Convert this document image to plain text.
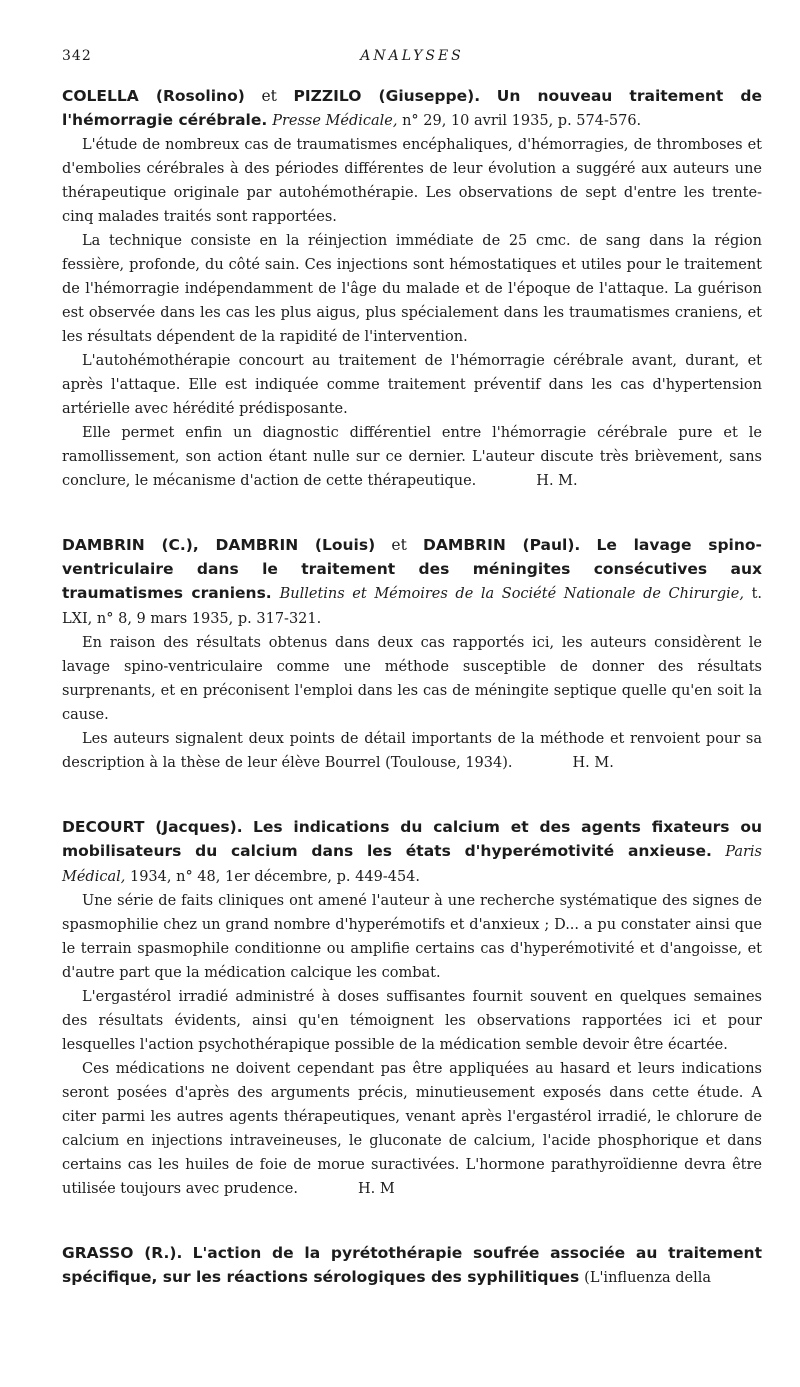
342	ANALYSES

COLELLA (Rosolino) et PIZZILO (Giuseppe). Un nouveau traitement de l'hémorragie cérébrale. Presse Médicale, n° 29, 10 avril 1935, p. 574-576.

L'étude de nombreux cas de traumatismes encéphaliques, d'hémorragies, de thromboses et d'embolies cérébrales à des périodes différentes de leur évolution a suggéré aux auteurs une thérapeutique originale par autohémothérapie. Les observations de sept d'entre les trente-cinq malades traités sont rapportées.

La technique consiste en la réinjection immédiate de 25 cmc. de sang dans la région fessière, profonde, du côté sain. Ces injections sont hémostatiques et utiles pour le traitement de l'hémorragie indépendamment de l'âge du malade et de l'époque de l'attaque. La guérison est observée dans les cas les plus aigus, plus spécialement dans les traumatismes craniens, et les résultats dépendent de la rapidité de l'intervention.

L'autohémothérapie concourt au traitement de l'hémorragie cérébrale avant, durant, et après l'attaque. Elle est indiquée comme traitement préventif dans les cas d'hypertension artérielle avec hérédité prédisposante.

Elle permet enfin un diagnostic différentiel entre l'hémorragie cérébrale pure et le ramollissement, son action étant nulle sur ce dernier. L'auteur discute très brièvement, sans conclure, le mécanisme d'action de cette thérapeutique.	H. M.

DAMBRIN (C.), DAMBRIN (Louis) et DAMBRIN (Paul). Le lavage spino-ventriculaire dans le traitement des méningites consécutives aux traumatismes craniens. Bulletins et Mémoires de la Société Nationale de Chirurgie, t. LXI, n° 8, 9 mars 1935, p. 317-321.

En raison des résultats obtenus dans deux cas rapportés ici, les auteurs considèrent le lavage spino-ventriculaire comme une méthode susceptible de donner des résultats surprenants, et en préconisent l'emploi dans les cas de méningite septique quelle qu'en soit la cause.

Les auteurs signalent deux points de détail importants de la méthode et renvoient pour sa description à la thèse de leur élève Bourrel (Toulouse, 1934).	H. M.

DECOURT (Jacques). Les indications du calcium et des agents fixateurs ou mobilisateurs du calcium dans les états d'hyperémotivité anxieuse. Paris Médical, 1934, n° 48, 1er décembre, p. 449-454.

Une série de faits cliniques ont amené l'auteur à une recherche systématique des signes de spasmophilie chez un grand nombre d'hyperémotifs et d'anxieux ; D... a pu constater ainsi que le terrain spasmophile conditionne ou amplifie certains cas d'hyperémotivité et d'angoisse, et d'autre part que la médication calcique les combat.

L'ergastérol irradié administré à doses suffisantes fournit souvent en quelques semaines des résultats évidents, ainsi qu'en témoignent les observations rapportées ici et pour lesquelles l'action psychothérapique possible de la médication semble devoir être écartée.

Ces médications ne doivent cependant pas être appliquées au hasard et leurs indications seront posées d'après des arguments précis, minutieusement exposés dans cette étude. A citer parmi les autres agents thérapeutiques, venant après l'ergastérol irradié, le chlorure de calcium en injections intraveineuses, le gluconate de calcium, l'acide phosphorique et dans certains cas les huiles de foie de morue suractivées. L'hormone parathyroïdienne devra être utilisée toujours avec prudence.	H. M

GRASSO (R.). L'action de la pyrétothérapie soufrée associée au traitement spécifique, sur les réactions sérologiques des syphilitiques (L'influenza della
